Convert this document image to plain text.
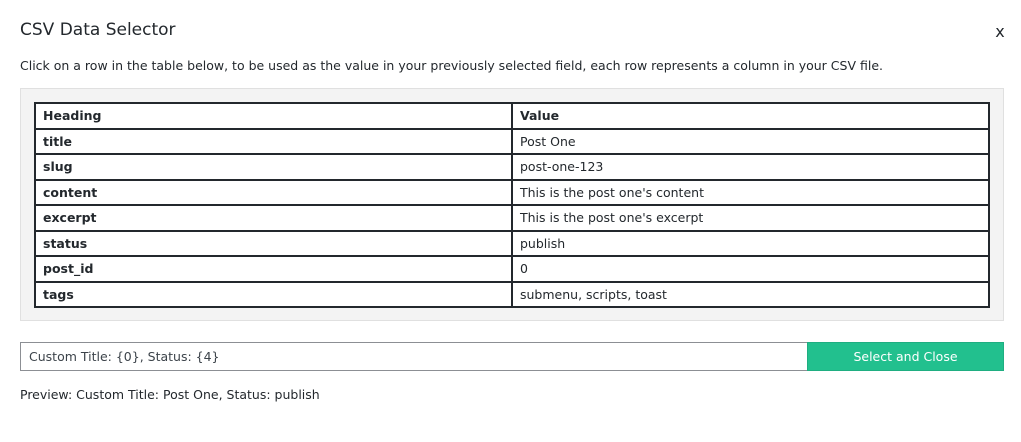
CSV Data Selector	x
Click on a row in the table below, to be used as the value in your previously selected field, each row represents a column in your CSV file.
Heading	Value
title	Post One
slug	post-one-123
content	This is the post one's content
excerpt	This is the post one's excerpt
status	publish
post_id	0
tags	submenu, scripts, toast
Custom Title: {0}, Status: {4}
Select and Close
Preview: Custom Title: Post One, Status: publish
